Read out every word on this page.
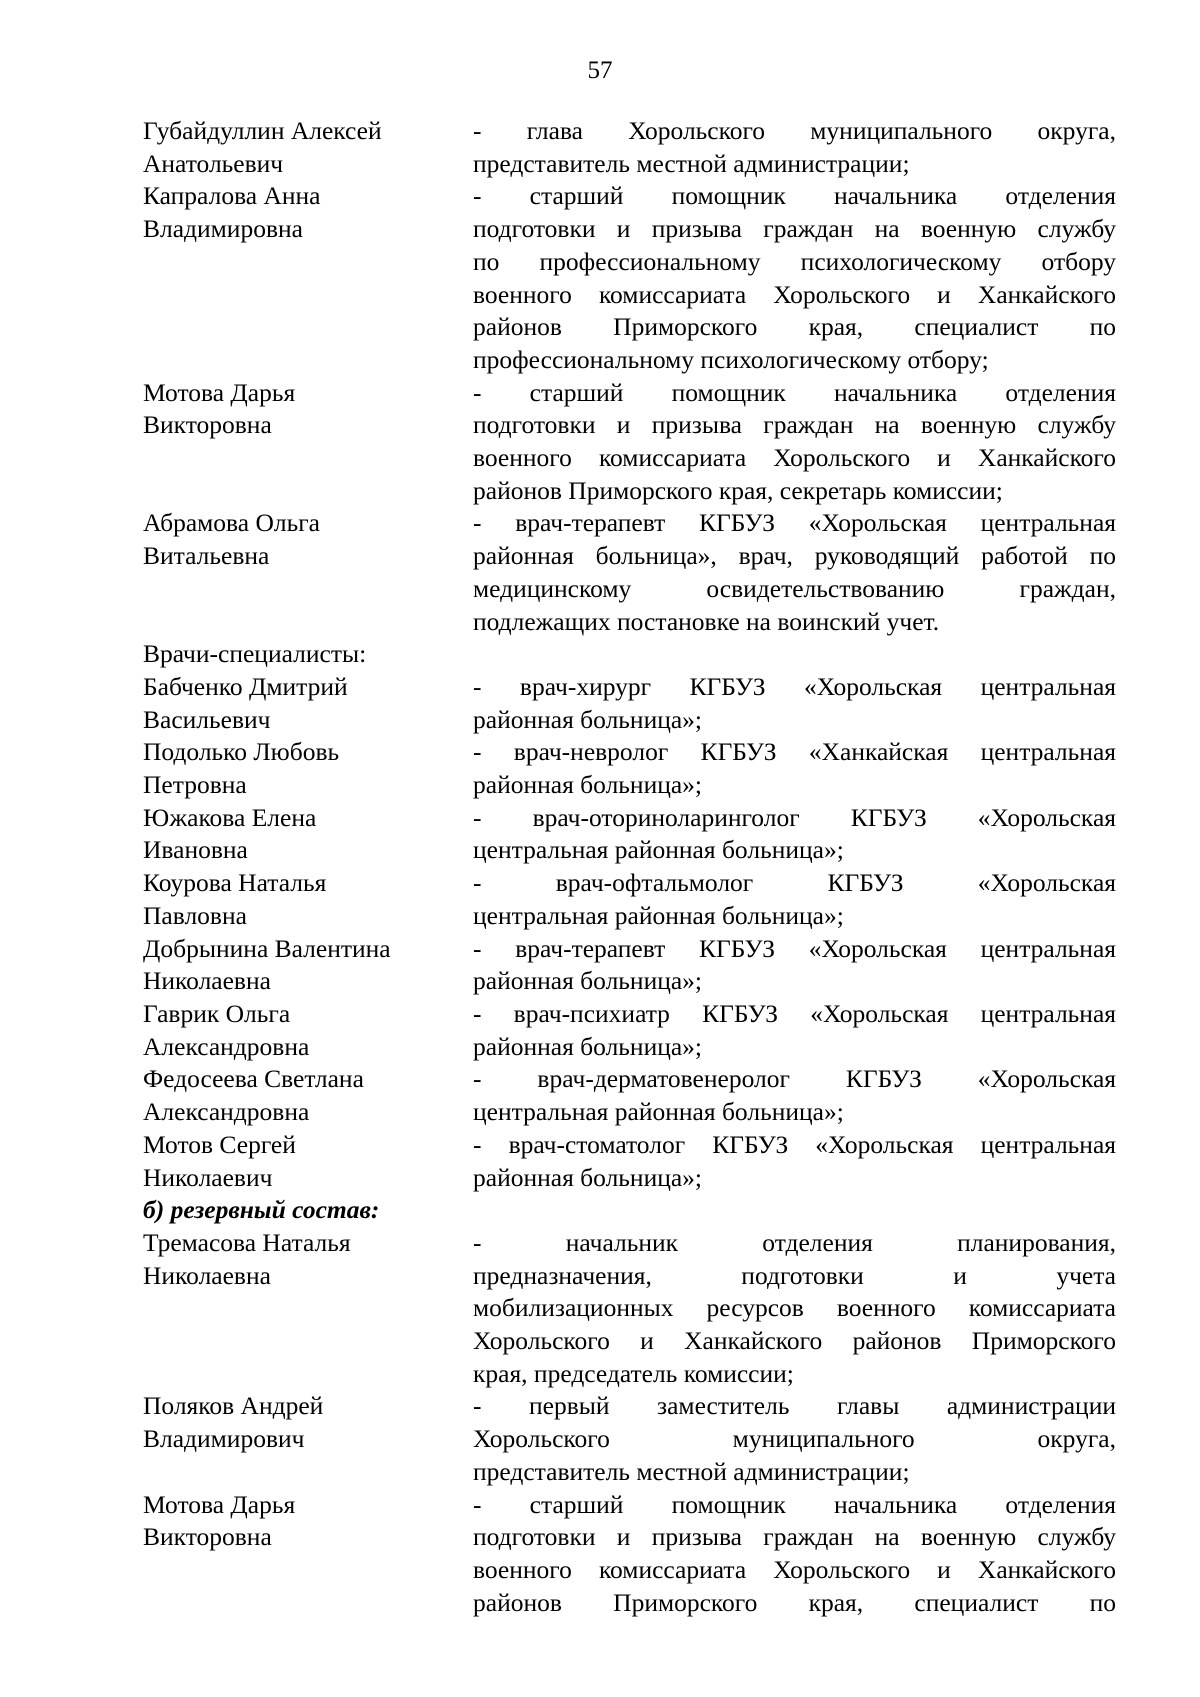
57
Губайдуллин Алексей
Анатольевич
- глава Хорольского муниципального округа,
представитель местной администрации;
Капралова Анна
Владимировна
- старший помощник начальника отделения
подготовки и призыва граждан на военную службу
по профессиональному психологическому отбору
военного комиссариата Хорольского и Ханкайского
районов Приморского края, специалист по
профессиональному психологическому отбору;
Мотова Дарья
Викторовна
- старший помощник начальника отделения
подготовки и призыва граждан на военную службу
военного комиссариата Хорольского и Ханкайского
районов Приморского края, секретарь комиссии;
Абрамова Ольга
Витальевна
- врач-терапевт КГБУЗ «Хорольская центральная
районная больница», врач, руководящий работой по
медицинскому освидетельствованию граждан,
подлежащих постановке на воинский учет.
Врачи-специалисты:
Бабченко Дмитрий
Васильевич
- врач-хирург КГБУЗ «Хорольская центральная
районная больница»;
Подолько Любовь
Петровна
- врач-невролог КГБУЗ «Ханкайская центральная
районная больница»;
Южакова Елена
Ивановна
- врач-оториноларинголог КГБУЗ «Хорольская
центральная районная больница»;
Коурова Наталья
Павловна
- врач-офтальмолог КГБУЗ «Хорольская
центральная районная больница»;
Добрынина Валентина
Николаевна
- врач-терапевт КГБУЗ «Хорольская центральная
районная больница»;
Гаврик Ольга
Александровна
- врач-психиатр КГБУЗ «Хорольская центральная
районная больница»;
Федосеева Светлана
Александровна
- врач-дерматовенеролог КГБУЗ «Хорольская
центральная районная больница»;
Мотов Сергей
Николаевич
- врач-стоматолог КГБУЗ «Хорольская центральная
районная больница»;
б) резервный состав:
Тремасова Наталья
Николаевна
- начальник отделения планирования,
предназначения, подготовки и учета
мобилизационных ресурсов военного комиссариата
Хорольского и Ханкайского районов Приморского
края, председатель комиссии;
Поляков Андрей
Владимирович
- первый заместитель главы администрации
Хорольского муниципального округа,
представитель местной администрации;
Мотова Дарья
Викторовна
- старший помощник начальника отделения
подготовки и призыва граждан на военную службу
военного комиссариата Хорольского и Ханкайского
районов Приморского края, специалист по
